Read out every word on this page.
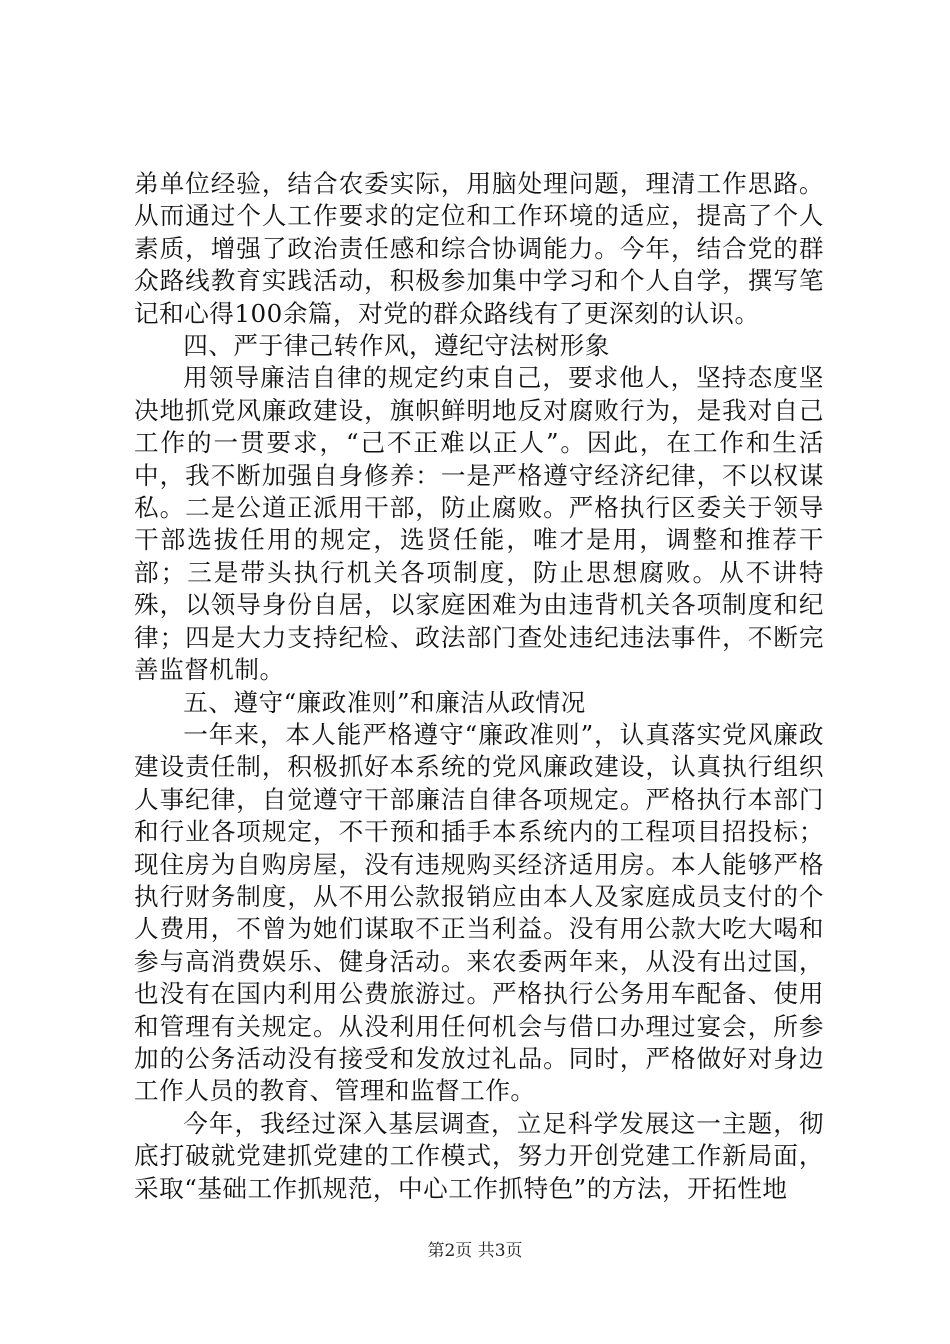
弟单位经验，结合农委实际，用脑处理问题，理清工作思路。从而通过个人工作要求的定位和工作环境的适应，提高了个人素质，增强了政治责任感和综合协调能力。今年，结合党的群众路线教育实践活动，积极参加集中学习和个人自学，撰写笔记和心得100余篇，对党的群众路线有了更深刻的认识。

四、严于律己转作风，遵纪守法树形象

用领导廉洁自律的规定约束自己，要求他人，坚持态度坚决地抓党风廉政建设，旗帜鲜明地反对腐败行为，是我对自己工作的一贯要求，“己不正难以正人”。因此，在工作和生活中，我不断加强自身修养：一是严格遵守经济纪律，不以权谋私。二是公道正派用干部，防止腐败。严格执行区委关于领导干部选拔任用的规定，选贤任能，唯才是用，调整和推荐干部；三是带头执行机关各项制度，防止思想腐败。从不讲特殊，以领导身份自居，以家庭困难为由违背机关各项制度和纪律；四是大力支持纪检、政法部门查处违纪违法事件，不断完善监督机制。

五、遵守“廉政准则”和廉洁从政情况

一年来，本人能严格遵守“廉政准则”，认真落实党风廉政建设责任制，积极抓好本系统的党风廉政建设，认真执行组织人事纪律，自觉遵守干部廉洁自律各项规定。严格执行本部门和行业各项规定，不干预和插手本系统内的工程项目招投标；现住房为自购房屋，没有违规购买经济适用房。本人能够严格执行财务制度，从不用公款报销应由本人及家庭成员支付的个人费用，不曾为她们谋取不正当利益。没有用公款大吃大喝和参与高消费娱乐、健身活动。来农委两年来，从没有出过国，也没有在国内利用公费旅游过。严格执行公务用车配备、使用和管理有关规定。从没利用任何机会与借口办理过宴会，所参加的公务活动没有接受和发放过礼品。同时，严格做好对身边工作人员的教育、管理和监督工作。

今年，我经过深入基层调查，立足科学发展这一主题，彻底打破就党建抓党建的工作模式，努力开创党建工作新局面，采取“基础工作抓规范，中心工作抓特色”的方法，开拓性地

第2页 共3页
